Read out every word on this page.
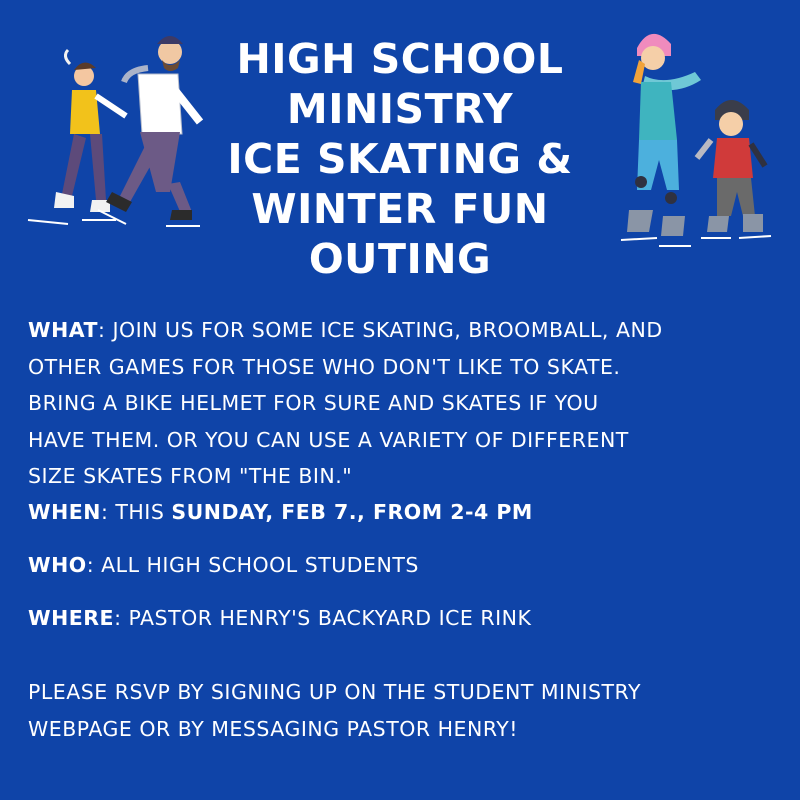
HIGH SCHOOL
MINISTRY
ICE SKATING &
WINTER FUN
OUTING
WHAT: JOIN US FOR SOME ICE SKATING, BROOMBALL, AND
OTHER GAMES FOR THOSE WHO DON'T LIKE TO SKATE.
BRING A BIKE HELMET FOR SURE AND SKATES IF YOU
HAVE THEM. OR YOU CAN USE A VARIETY OF DIFFERENT
SIZE SKATES FROM "THE BIN."
WHEN: THIS SUNDAY, FEB 7., FROM 2-4 PM
WHO: ALL HIGH SCHOOL STUDENTS
WHERE: PASTOR HENRY'S BACKYARD ICE RINK
PLEASE RSVP BY SIGNING UP ON THE STUDENT MINISTRY
WEBPAGE OR BY MESSAGING PASTOR HENRY!
